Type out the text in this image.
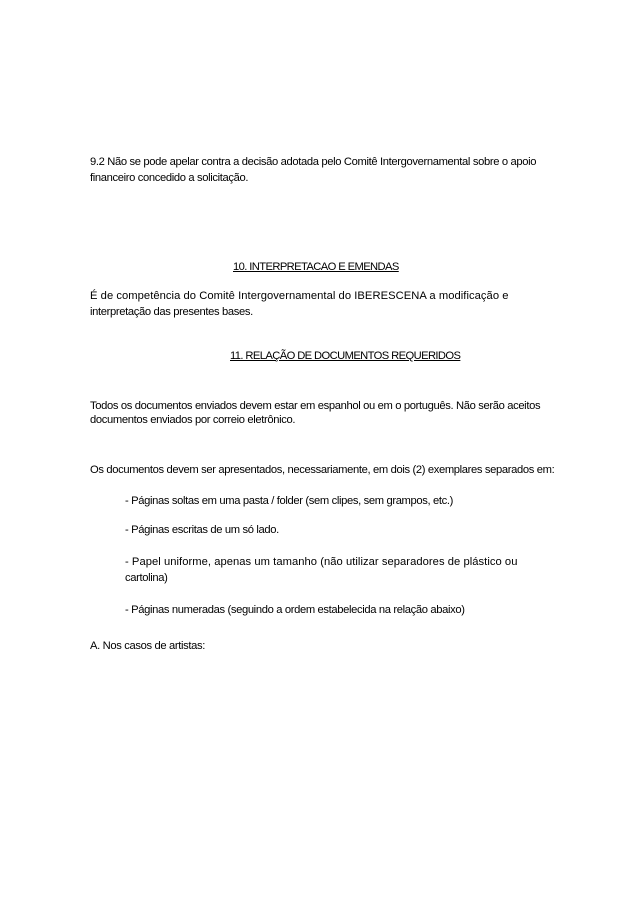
9.2 Não se pode apelar contra a decisão adotada pelo Comitê Intergovernamental sobre o apoio
financeiro concedido a solicitação.
10. INTERPRETACAO E EMENDAS
É de competência do Comitê Intergovernamental do IBERESCENA a modificação e
interpretação das presentes bases.
11. RELAÇÃO DE DOCUMENTOS REQUERIDOS
Todos os documentos enviados devem estar em espanhol ou em o português. Não serão aceitos
documentos enviados por correio eletrônico.
Os documentos devem ser apresentados, necessariamente, em dois (2) exemplares separados em:
- Páginas soltas em uma pasta / folder (sem clipes, sem grampos, etc.)
- Páginas escritas de um só lado.
- Papel uniforme, apenas um tamanho (não utilizar separadores de plástico ou
cartolina)
- Páginas numeradas (seguindo a ordem estabelecida na relação abaixo)
A. Nos casos de artistas:
